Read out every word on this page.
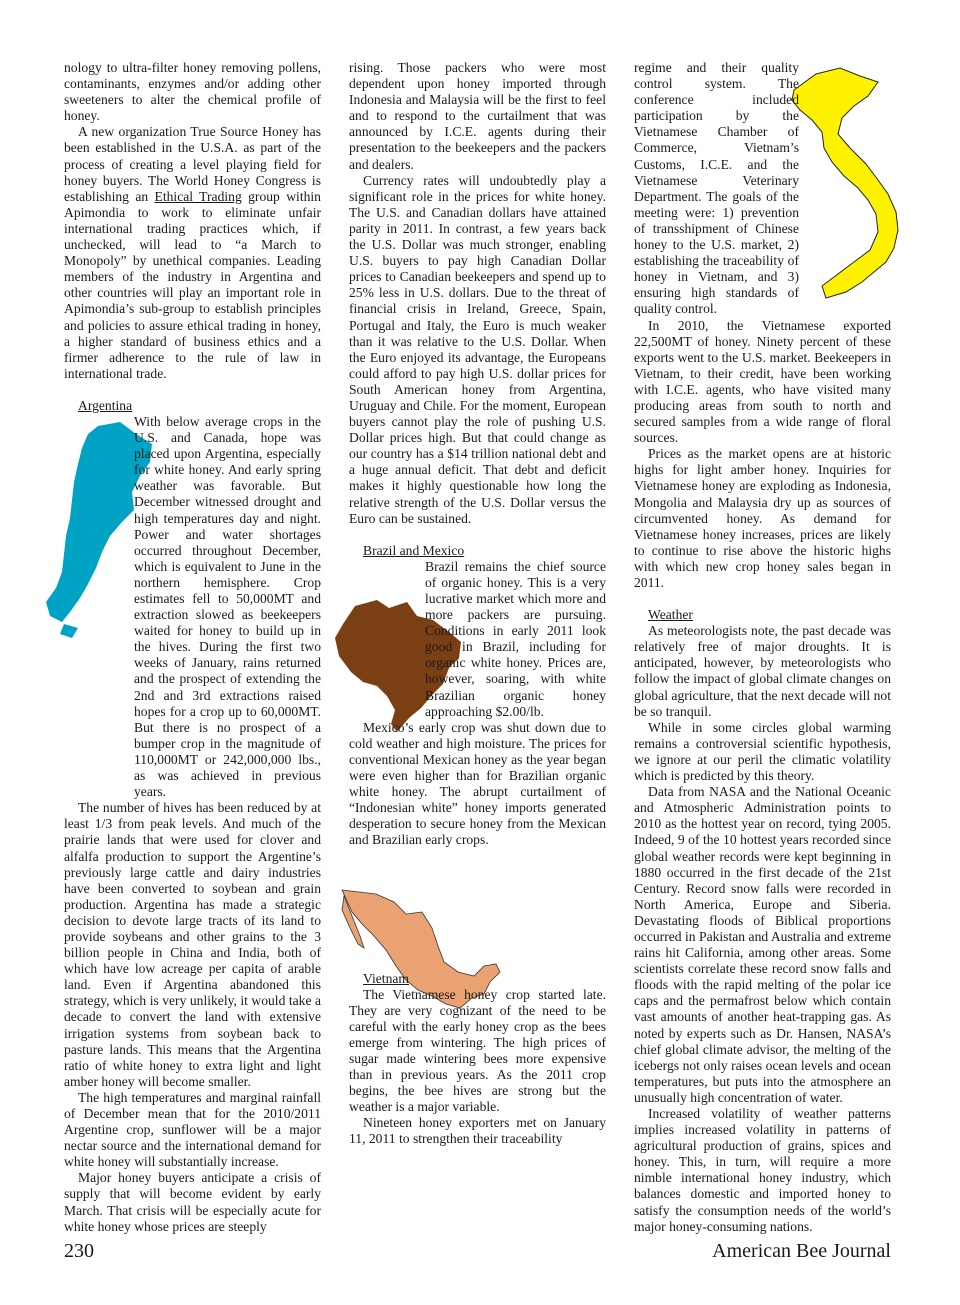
nology to ultra-filter honey removing pollens, contaminants, enzymes and/or adding other sweeteners to alter the chemical profile of honey.

A new organization True Source Honey has been established in the U.S.A. as part of the process of creating a level playing field for honey buyers. The World Honey Congress is establishing an Ethical Trading group within Apimondia to work to eliminate unfair international trading practices which, if unchecked, will lead to “a March to Monopoly” by unethical companies. Leading members of the industry in Argentina and other countries will play an important role in Apimondia’s sub-group to establish principles and policies to assure ethical trading in honey, a higher standard of business ethics and a firmer adherence to the rule of law in international trade.

Argentina

With below average crops in the U.S. and Canada, hope was placed upon Argentina, especially for white honey. And early spring weather was favorable. But December witnessed drought and high temperatures day and night. Power and water shortages occurred throughout December, which is equivalent to June in the northern hemisphere. Crop estimates fell to 50,000MT and extraction slowed as beekeepers waited for honey to build up in the hives. During the first two weeks of January, rains returned and the prospect of extending the 2nd and 3rd extractions raised hopes for a crop up to 60,000MT. But there is no prospect of a bumper crop in the magnitude of 110,000MT or 242,000,000 lbs., as was achieved in previous years.

The number of hives has been reduced by at least 1/3 from peak levels. And much of the prairie lands that were used for clover and alfalfa production to support the Argentine’s previously large cattle and dairy industries have been converted to soybean and grain production. Argentina has made a strategic decision to devote large tracts of its land to provide soybeans and other grains to the 3 billion people in China and India, both of which have low acreage per capita of arable land. Even if Argentina abandoned this strategy, which is very unlikely, it would take a decade to convert the land with extensive irrigation systems from soybean back to pasture lands. This means that the Argentina ratio of white honey to extra light and light amber honey will become smaller.

The high temperatures and marginal rainfall of December mean that for the 2010/2011 Argentine crop, sunflower will be a major nectar source and the international demand for white honey will substantially increase.

Major honey buyers anticipate a crisis of supply that will become evident by early March. That crisis will be especially acute for white honey whose prices are steeply

rising. Those packers who were most dependent upon honey imported through Indonesia and Malaysia will be the first to feel and to respond to the curtailment that was announced by I.C.E. agents during their presentation to the beekeepers and the packers and dealers.

Currency rates will undoubtedly play a significant role in the prices for white honey. The U.S. and Canadian dollars have attained parity in 2011. In contrast, a few years back the U.S. Dollar was much stronger, enabling U.S. buyers to pay high Canadian Dollar prices to Canadian beekeepers and spend up to 25% less in U.S. dollars. Due to the threat of financial crisis in Ireland, Greece, Spain, Portugal and Italy, the Euro is much weaker than it was relative to the U.S. Dollar. When the Euro enjoyed its advantage, the Europeans could afford to pay high U.S. dollar prices for South American honey from Argentina, Uruguay and Chile. For the moment, European buyers cannot play the role of pushing U.S. Dollar prices high. But that could change as our country has a $14 trillion national debt and a huge annual deficit. That debt and deficit makes it highly questionable how long the relative strength of the U.S. Dollar versus the Euro can be sustained.

Brazil and Mexico

Brazil remains the chief source of organic honey. This is a very lucrative market which more and more packers are pursuing. Conditions in early 2011 look good in Brazil, including for organic white honey. Prices are, however, soaring, with white Brazilian organic honey approaching $2.00/lb.

Mexico’s early crop was shut down due to cold weather and high moisture. The prices for conventional Mexican honey as the year began were even higher than for Brazilian organic white honey. The abrupt curtailment of “Indonesian white” honey imports generated desperation to secure honey from the Mexican and Brazilian early crops.

Vietnam

The Vietnamese honey crop started late. They are very cognizant of the need to be careful with the early honey crop as the bees emerge from wintering. The high prices of sugar made wintering bees more expensive than in previous years. As the 2011 crop begins, the bee hives are strong but the weather is a major variable.

Nineteen honey exporters met on January 11, 2011 to strengthen their traceability

regime and their quality control system. The conference included participation by the Vietnamese Chamber of Commerce, Vietnam’s Customs, I.C.E. and the Vietnamese Veterinary Department. The goals of the meeting were: 1) prevention of transshipment of Chinese honey to the U.S. market, 2) establishing the traceability of honey in Vietnam, and 3) ensuring high standards of quality control.

In 2010, the Vietnamese exported 22,500MT of honey. Ninety percent of these exports went to the U.S. market. Beekeepers in Vietnam, to their credit, have been working with I.C.E. agents, who have visited many producing areas from south to north and secured samples from a wide range of floral sources.

Prices as the market opens are at historic highs for light amber honey. Inquiries for Vietnamese honey are exploding as Indonesia, Mongolia and Malaysia dry up as sources of circumvented honey. As demand for Vietnamese honey increases, prices are likely to continue to rise above the historic highs with which new crop honey sales began in 2011.

Weather

As meteorologists note, the past decade was relatively free of major droughts. It is anticipated, however, by meteorologists who follow the impact of global climate changes on global agriculture, that the next decade will not be so tranquil.

While in some circles global warming remains a controversial scientific hypothesis, we ignore at our peril the climatic volatility which is predicted by this theory.

Data from NASA and the National Oceanic and Atmospheric Administration points to 2010 as the hottest year on record, tying 2005. Indeed, 9 of the 10 hottest years recorded since global weather records were kept beginning in 1880 occurred in the first decade of the 21st Century. Record snow falls were recorded in North America, Europe and Siberia. Devastating floods of Biblical proportions occurred in Pakistan and Australia and extreme rains hit California, among other areas. Some scientists correlate these record snow falls and floods with the rapid melting of the polar ice caps and the permafrost below which contain vast amounts of another heat-trapping gas. As noted by experts such as Dr. Hansen, NASA’s chief global climate advisor, the melting of the icebergs not only raises ocean levels and ocean temperatures, but puts into the atmosphere an unusually high concentration of water.

Increased volatility of weather patterns implies increased volatility in patterns of agricultural production of grains, spices and honey. This, in turn, will require a more nimble international honey industry, which balances domestic and imported honey to satisfy the consumption needs of the world’s major honey-consuming nations.

230	American Bee Journal
